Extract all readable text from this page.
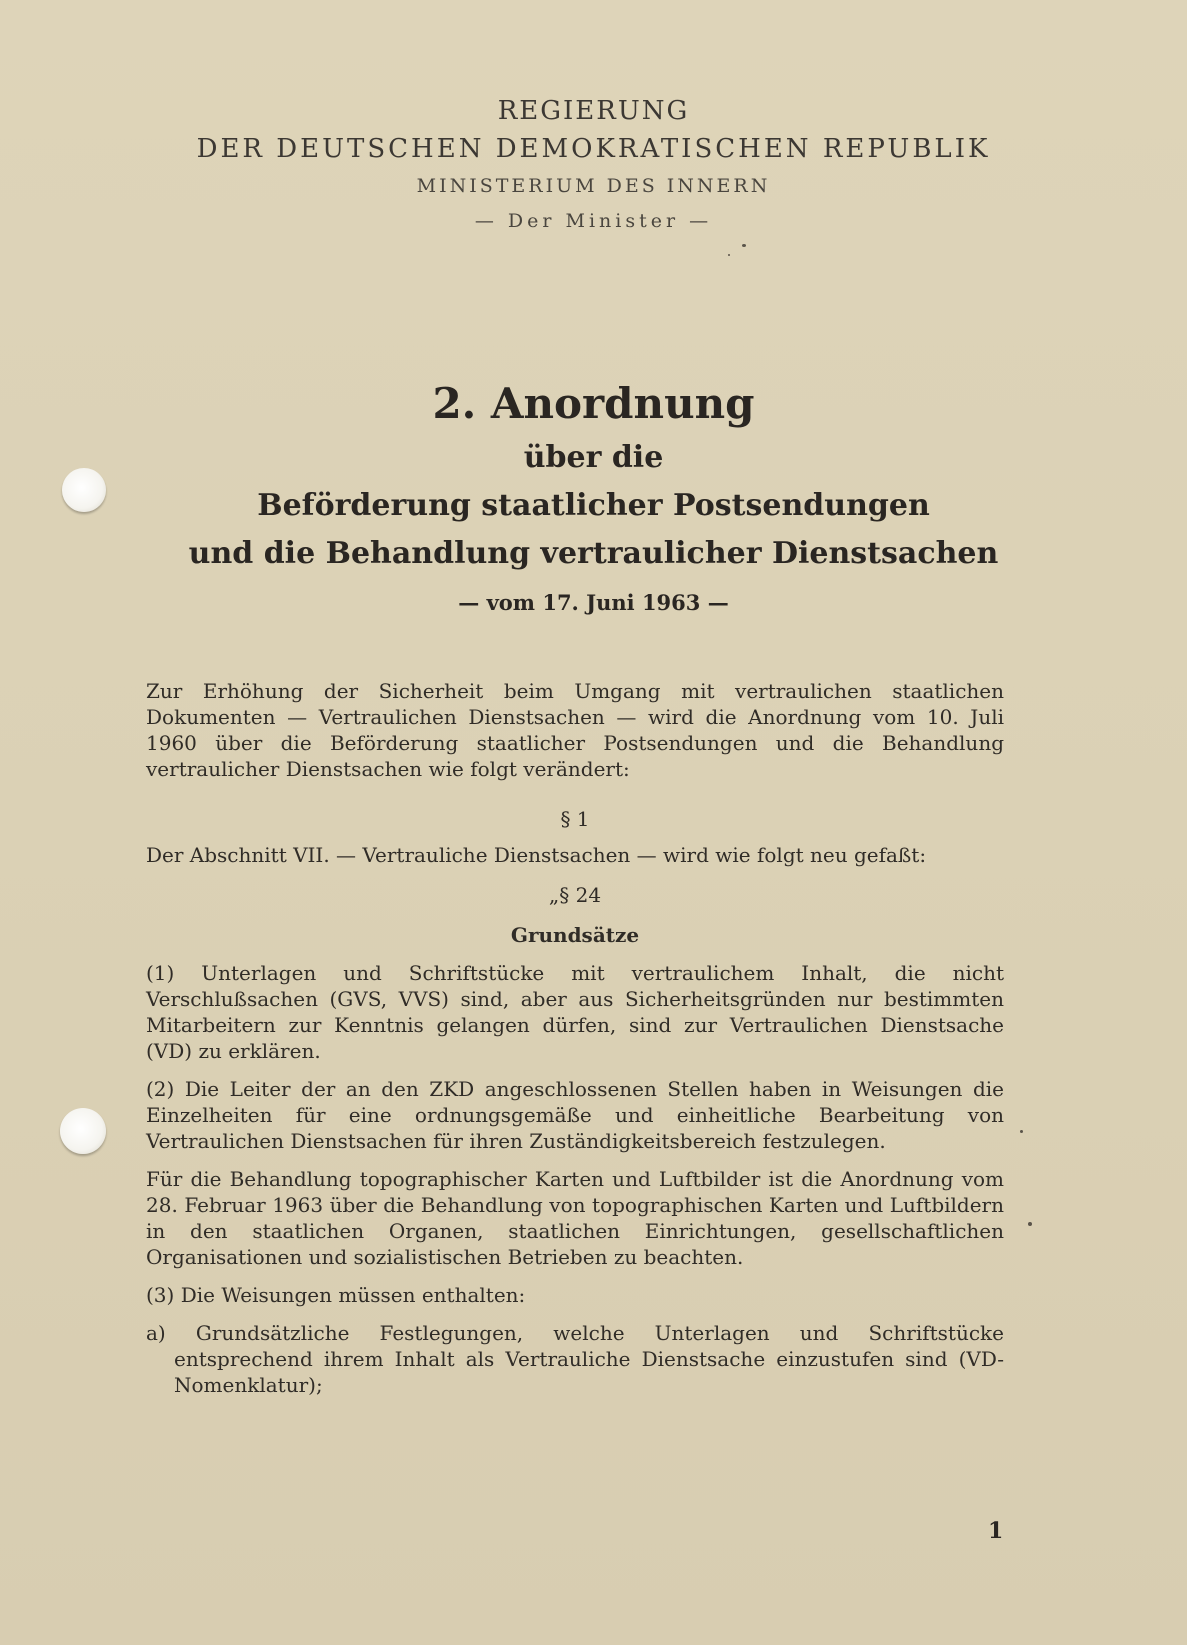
REGIERUNG
DER DEUTSCHEN DEMOKRATISCHEN REPUBLIK
MINISTERIUM DES INNERN
— Der Minister —
2. Anordnung
über die
Beförderung staatlicher Postsendungen
und die Behandlung vertraulicher Dienstsachen
— vom 17. Juni 1963 —

Zur Erhöhung der Sicherheit beim Umgang mit vertraulichen staatlichen Dokumenten — Vertraulichen Dienstsachen — wird die Anordnung vom 10. Juli 1960 über die Beförderung staatlicher Postsendungen und die Behandlung vertraulicher Dienstsachen wie folgt verändert:

§ 1

Der Abschnitt VII. — Vertrauliche Dienstsachen — wird wie folgt neu gefaßt:

„§ 24

Grundsätze

(1) Unterlagen und Schriftstücke mit vertraulichem Inhalt, die nicht Verschlußsachen (GVS, VVS) sind, aber aus Sicherheitsgründen nur bestimmten Mitarbeitern zur Kenntnis gelangen dürfen, sind zur Vertraulichen Dienstsache (VD) zu erklären.

(2) Die Leiter der an den ZKD angeschlossenen Stellen haben in Weisungen die Einzelheiten für eine ordnungsgemäße und einheitliche Bearbeitung von Vertraulichen Dienstsachen für ihren Zuständigkeitsbereich festzulegen.

Für die Behandlung topographischer Karten und Luftbilder ist die Anordnung vom 28. Februar 1963 über die Behandlung von topographischen Karten und Luftbildern in den staatlichen Organen, staatlichen Einrichtungen, gesellschaftlichen Organisationen und sozialistischen Betrieben zu beachten.

(3) Die Weisungen müssen enthalten:

a) Grundsätzliche Festlegungen, welche Unterlagen und Schriftstücke entsprechend ihrem Inhalt als Vertrauliche Dienstsache einzustufen sind (VD-Nomenklatur);

1
